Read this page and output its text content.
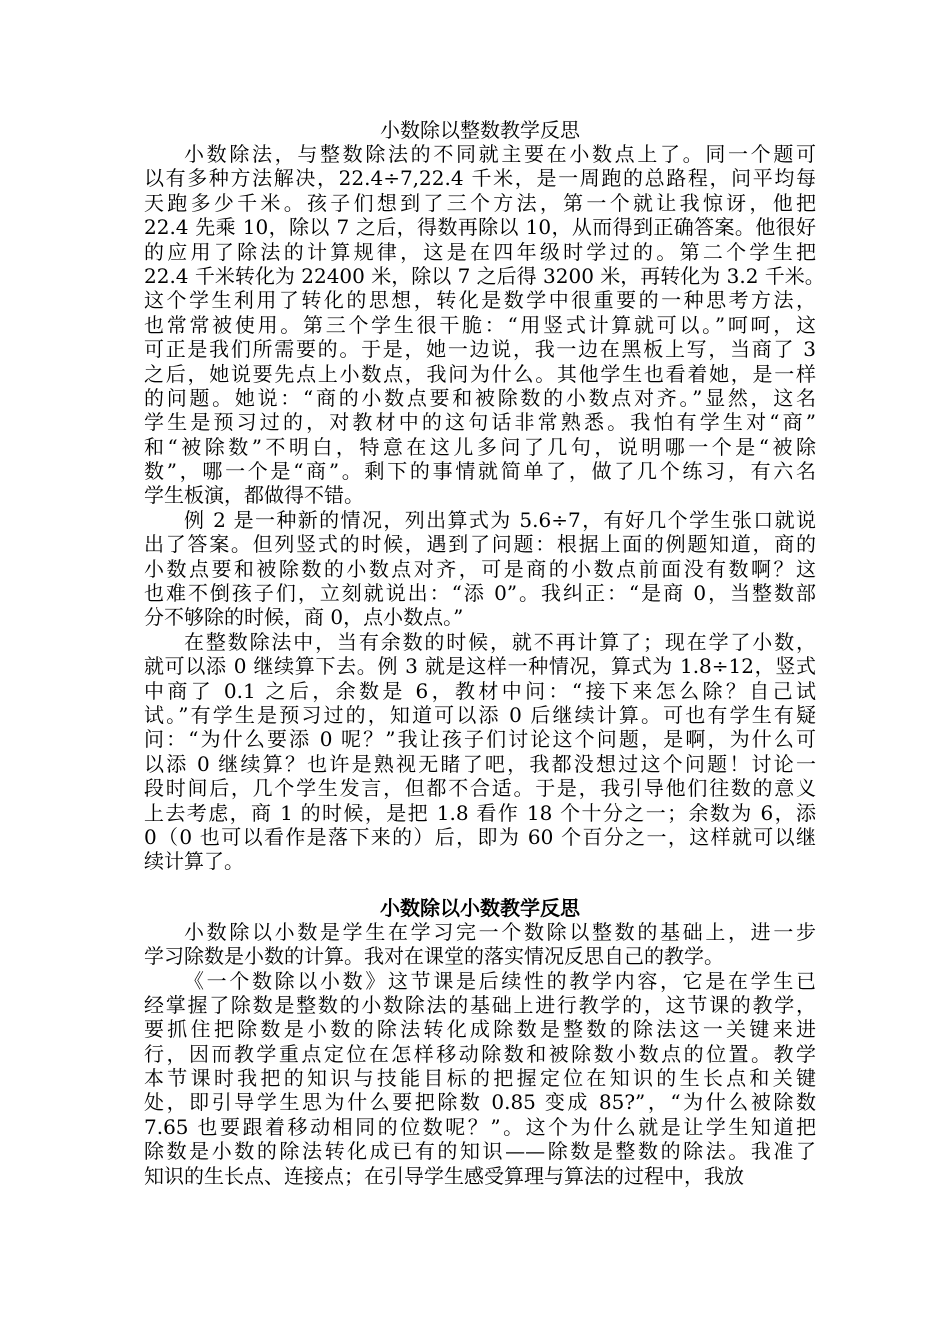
小数除以整数教学反思
小数除法，与整数除法的不同就主要在小数点上了。同一个题可
以有多种方法解决，22.4÷7,22.4 千米，是一周跑的总路程，问平均每
天跑多少千米。孩子们想到了三个方法，第一个就让我惊讶，他把
22.4 先乘 10，除以 7 之后，得数再除以 10，从而得到正确答案。他很好
的应用了除法的计算规律，这是在四年级时学过的。第二个学生把
22.4 千米转化为 22400 米，除以 7 之后得 3200 米，再转化为 3.2 千米。
这个学生利用了转化的思想，转化是数学中很重要的一种思考方法，
也常常被使用。第三个学生很干脆：“用竖式计算就可以。”呵呵，这
可正是我们所需要的。于是，她一边说，我一边在黑板上写，当商了 3
之后，她说要先点上小数点，我问为什么。其他学生也看着她，是一样
的问题。她说：“商的小数点要和被除数的小数点对齐。”显然，这名
学生是预习过的，对教材中的这句话非常熟悉。我怕有学生对“商”
和“被除数”不明白，特意在这儿多问了几句，说明哪一个是“被除
数”，哪一个是“商”。剩下的事情就简单了，做了几个练习，有六名
学生板演，都做得不错。
例 2 是一种新的情况，列出算式为 5.6÷7，有好几个学生张口就说
出了答案。但列竖式的时候，遇到了问题：根据上面的例题知道，商的
小数点要和被除数的小数点对齐，可是商的小数点前面没有数啊？这
也难不倒孩子们，立刻就说出：“添 0”。我纠正：“是商 0，当整数部
分不够除的时候，商 0，点小数点。”
在整数除法中，当有余数的时候，就不再计算了；现在学了小数，
就可以添 0 继续算下去。例 3 就是这样一种情况，算式为 1.8÷12，竖式
中商了 0.1 之后，余数是 6，教材中问：“接下来怎么除？自己试
试。”有学生是预习过的，知道可以添 0 后继续计算。可也有学生有疑
问：“为什么要添 0 呢？”我让孩子们讨论这个问题，是啊，为什么可
以添 0 继续算？也许是熟视无睹了吧，我都没想过这个问题！讨论一
段时间后，几个学生发言，但都不合适。于是，我引导他们往数的意义
上去考虑，商 1 的时候，是把 1.8 看作 18 个十分之一；余数为 6，添
0（0 也可以看作是落下来的）后，即为 60 个百分之一，这样就可以继
续计算了。
小数除以小数教学反思
小数除以小数是学生在学习完一个数除以整数的基础上，进一步
学习除数是小数的计算。我对在课堂的落实情况反思自己的教学。
《一个数除以小数》这节课是后续性的教学内容，它是在学生已
经掌握了除数是整数的小数除法的基础上进行教学的，这节课的教学，
要抓住把除数是小数的除法转化成除数是整数的除法这一关键来进
行，因而教学重点定位在怎样移动除数和被除数小数点的位置。教学
本节课时我把的知识与技能目标的把握定位在知识的生长点和关键
处，即引导学生思为什么要把除数 0.85 变成 85?”，“为什么被除数
7.65 也要跟着移动相同的位数呢？”。这个为什么就是让学生知道把
除数是小数的除法转化成已有的知识——除数是整数的除法。我准了
知识的生长点、连接点；在引导学生感受算理与算法的过程中，我放
